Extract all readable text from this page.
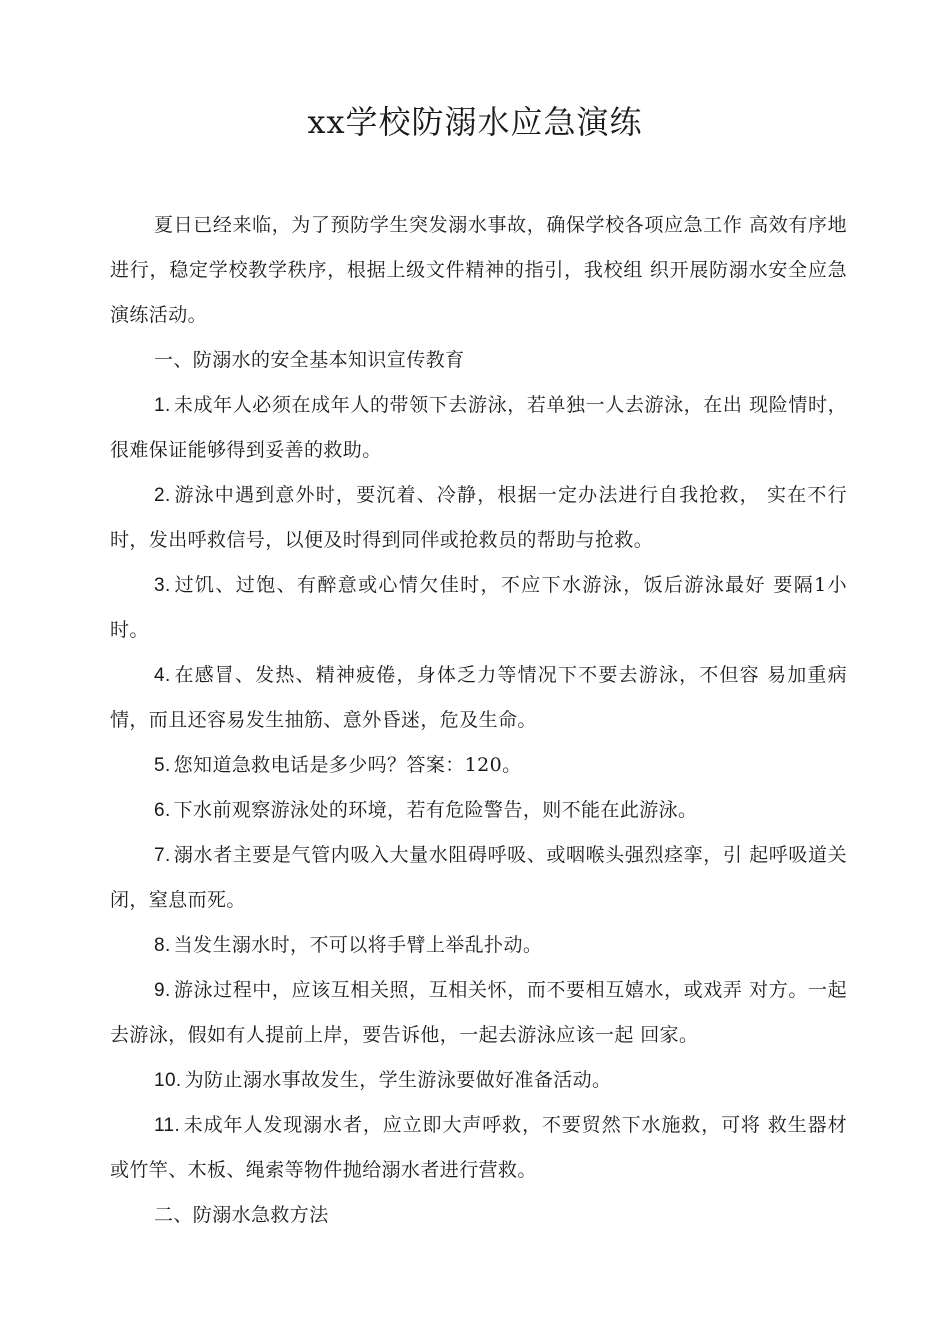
xx学校防溺水应急演练

夏日已经来临，为了预防学生突发溺水事故，确保学校各项应急工作 高效有序地进行，稳定学校教学秩序，根据上级文件精神的指引，我校组 织开展防溺水安全应急演练活动。

一、防溺水的安全基本知识宣传教育

1. 未成年人必须在成年人的带领下去游泳，若单独一人去游泳，在出 现险情时，很难保证能够得到妥善的救助。

2. 游泳中遇到意外时，要沉着、冷静，根据一定办法进行自我抢救， 实在不行时，发出呼救信号，以便及时得到同伴或抢救员的帮助与抢救。

3. 过饥、过饱、有醉意或心情欠佳时，不应下水游泳，饭后游泳最好 要隔1小时。

4. 在感冒、发热、精神疲倦，身体乏力等情况下不要去游泳，不但容 易加重病情，而且还容易发生抽筋、意外昏迷，危及生命。

5. 您知道急救电话是多少吗？答案：120。

6. 下水前观察游泳处的环境，若有危险警告，则不能在此游泳。

7. 溺水者主要是气管内吸入大量水阻碍呼吸、或咽喉头强烈痉挛，引 起呼吸道关闭，窒息而死。

8. 当发生溺水时，不可以将手臂上举乱扑动。

9. 游泳过程中，应该互相关照，互相关怀，而不要相互嬉水，或戏弄 对方。一起去游泳，假如有人提前上岸，要告诉他，一起去游泳应该一起 回家。

10. 为防止溺水事故发生，学生游泳要做好准备活动。

11. 未成年人发现溺水者，应立即大声呼救，不要贸然下水施救，可将 救生器材或竹竿、木板、绳索等物件抛给溺水者进行营救。

二、防溺水急救方法
